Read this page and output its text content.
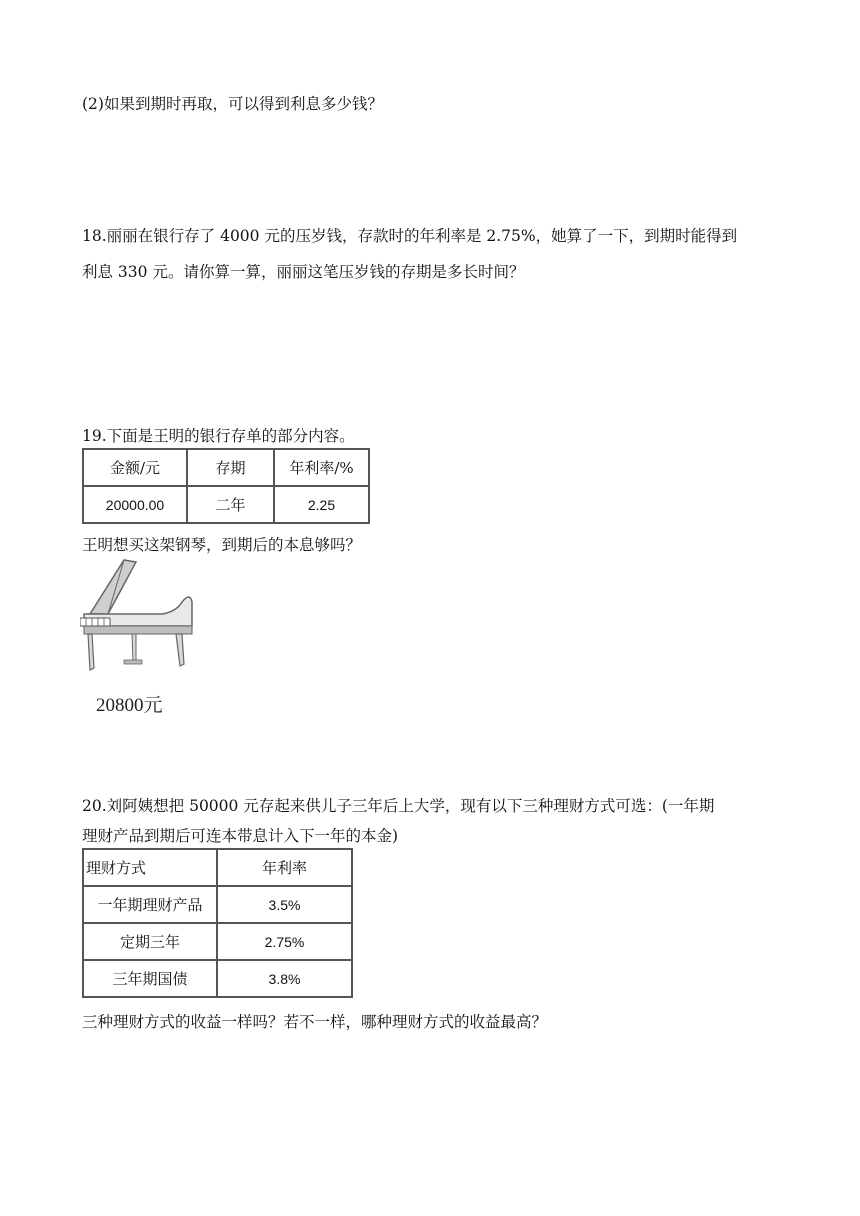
(2)如果到期时再取，可以得到利息多少钱？
18.丽丽在银行存了 4000 元的压岁钱，存款时的年利率是 2.75%，她算了一下，到期时能得到
利息 330 元。请你算一算，丽丽这笔压岁钱的存期是多长时间？
19.下面是王明的银行存单的部分内容。
金额/元	存期	年利率/%
20000.00	二年	2.25
王明想买这架钢琴，到期后的本息够吗？
20800元
20.刘阿姨想把 50000 元存起来供儿子三年后上大学，现有以下三种理财方式可选：(一年期
理财产品到期后可连本带息计入下一年的本金)
理财方式	年利率
一年期理财产品	3.5%
定期三年	2.75%
三年期国债	3.8%
三种理财方式的收益一样吗？若不一样，哪种理财方式的收益最高？
